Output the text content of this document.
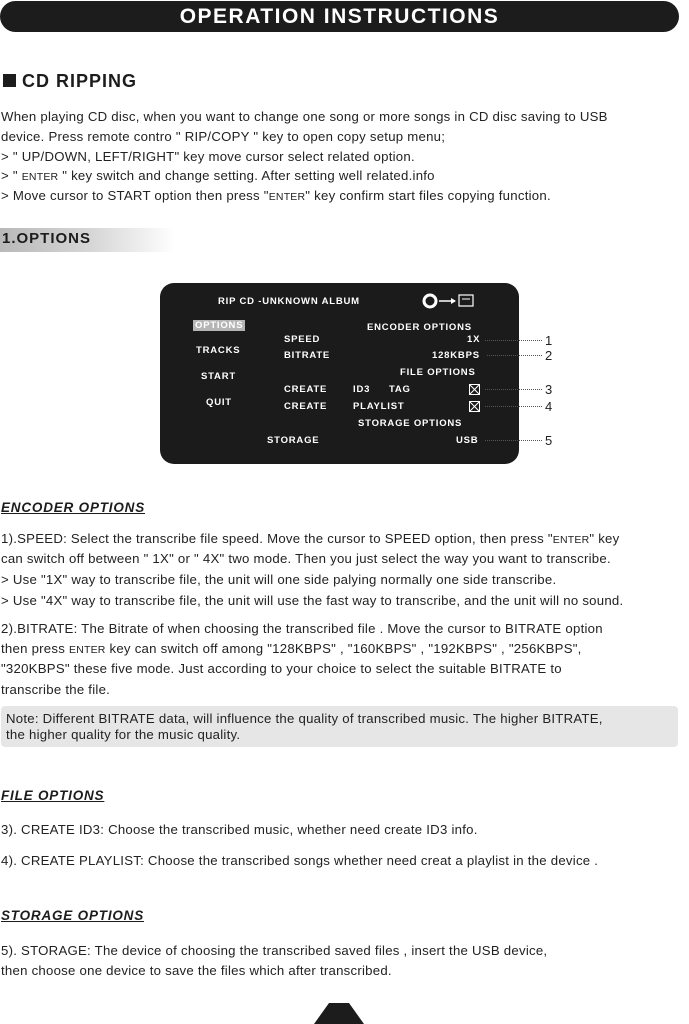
OPERATION INSTRUCTIONS
CD RIPPING
When playing CD disc, when you want to change one song or more songs in CD disc saving to USB
device. Press remote contro " RIP/COPY " key to open copy setup menu;
> " UP/DOWN, LEFT/RIGHT" key move cursor select related option.
> " ENTER " key switch and change setting. After setting well related.info
> Move cursor to START option then press "ENTER" key confirm start files copying function.
1.OPTIONS
RIP CD -UNKNOWN ALBUM
OPTIONS
TRACKS
START
QUIT
ENCODER OPTIONS
SPEED	1X
BITRATE	128KBPS
FILE OPTIONS
CREATE	ID3 TAG
CREATE	PLAYLIST
STORAGE OPTIONS
STORAGE	USB
1
2
3
4
5
ENCODER OPTIONS
1).SPEED: Select the transcribe file speed. Move the cursor to SPEED option, then press "ENTER" key
can switch off between " 1X" or " 4X" two mode. Then you just select the way you want to transcribe.
> Use "1X" way to transcribe file, the unit will one side palying normally one side transcribe.
> Use "4X" way to transcribe file, the unit will use the fast way to transcribe, and the unit will no sound.
2).BITRATE: The Bitrate of when choosing the transcribed file . Move the cursor to BITRATE option
then press ENTER key can switch off among "128KBPS" , "160KBPS" , "192KBPS" , "256KBPS",
"320KBPS" these five mode. Just according to your choice to select the suitable BITRATE to
transcribe the file.
Note: Different BITRATE data, will influence the quality of transcribed music. The higher BITRATE,
the higher quality for the music quality.
FILE OPTIONS
3). CREATE ID3: Choose the transcribed music, whether need create ID3 info.
4). CREATE PLAYLIST: Choose the transcribed songs whether need creat a playlist in the device .
STORAGE OPTIONS
5). STORAGE: The device of choosing the transcribed saved files , insert the USB device,
then choose one device to save the files which after transcribed.
